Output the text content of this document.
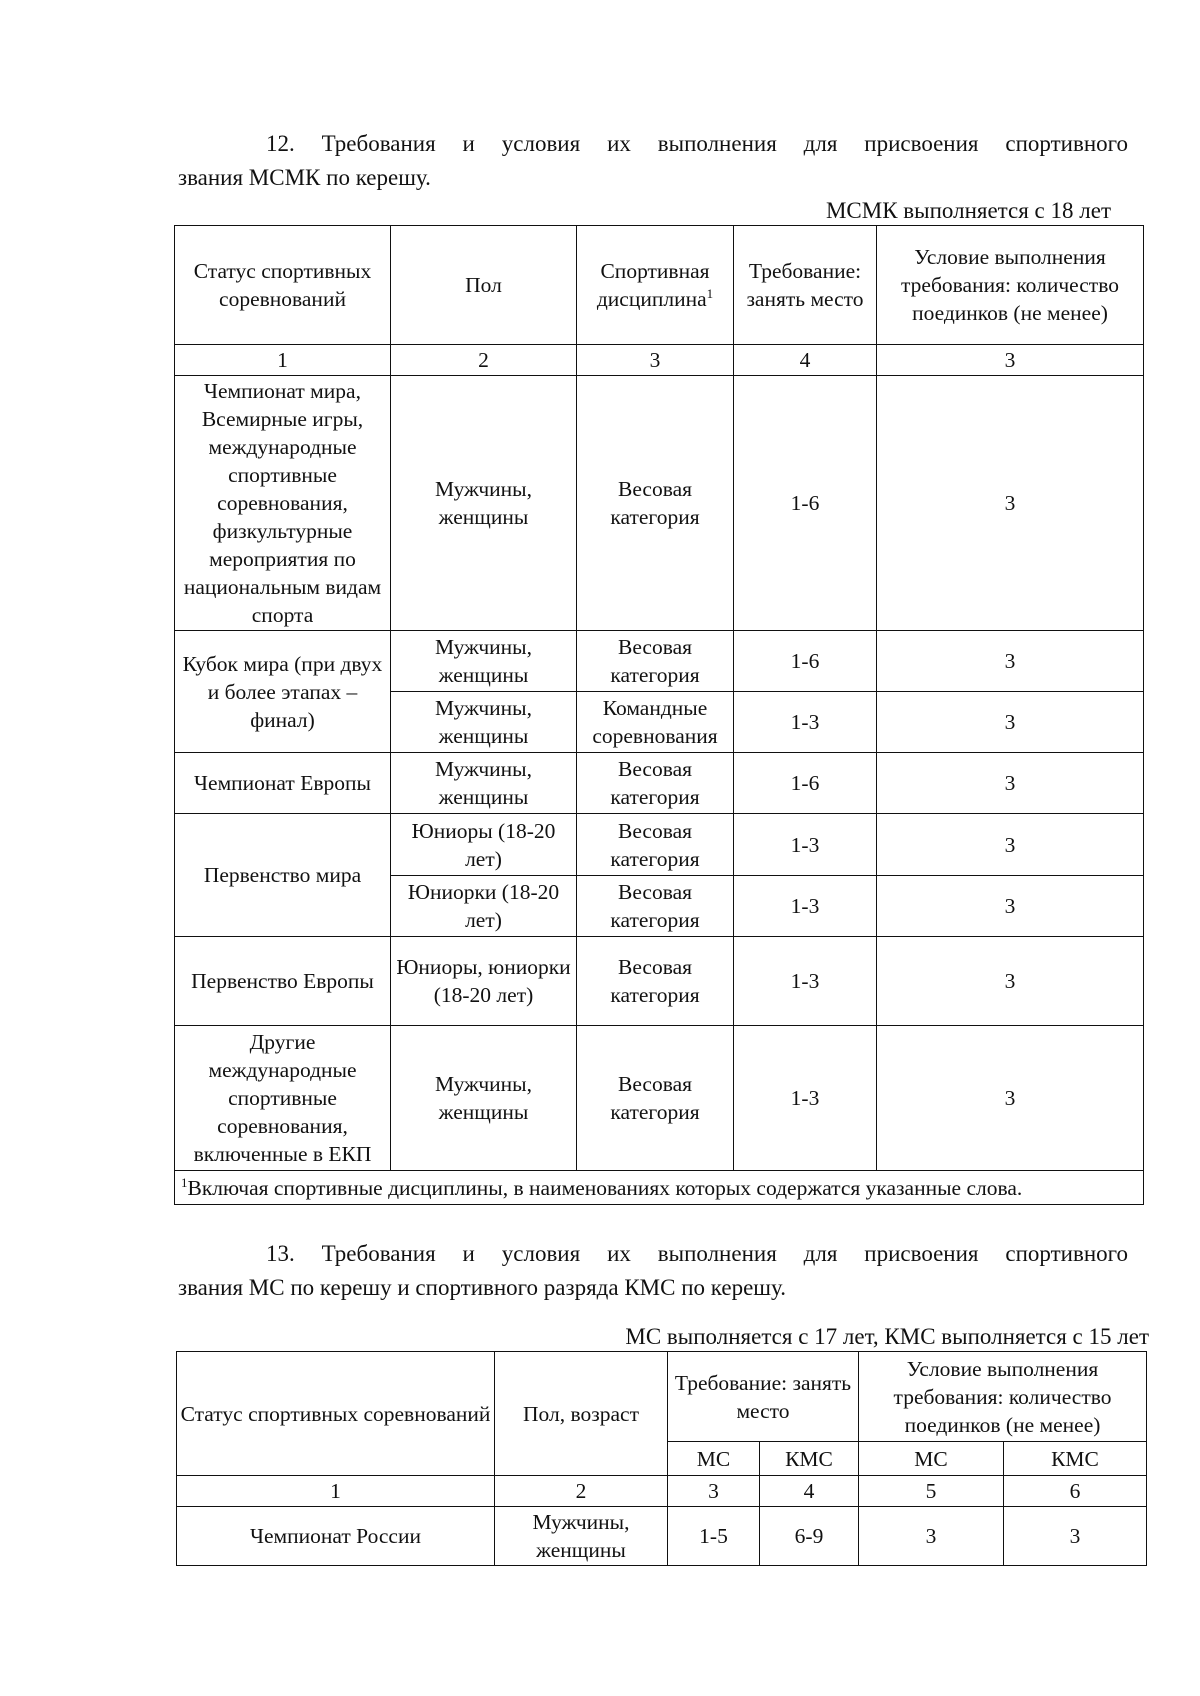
12. Требования и условия их выполнения для присвоения спортивного
звания МСМК по керешу.

МСМК выполняется с 18 лет
Статус спортивных соревнований	Пол	Спортивная дисциплина$^1$	Требование: занять место	Условие выполнения требования: количество поединков (не менее)
1	2	3	4	3
Чемпионат мира, Всемирные игры, международные спортивные соревнования, физкультурные мероприятия по национальным видам спорта	Мужчины, женщины	Весовая категория	1-6	3
Кубок мира (при двух и более этапах – финал)	Мужчины, женщины	Весовая категория	1-6	3
	Мужчины, женщины	Командные соревнования	1-3	3
Чемпионат Европы	Мужчины, женщины	Весовая категория	1-6	3
Первенство мира	Юниоры (18-20 лет)	Весовая категория	1-3	3
	Юниорки (18-20 лет)	Весовая категория	1-3	3
Первенство Европы	Юниоры, юниорки (18-20 лет)	Весовая категория	1-3	3
Другие международные спортивные соревнования, включенные в ЕКП	Мужчины, женщины	Весовая категория	1-3	3
$^1$Включая спортивные дисциплины, в наименованиях которых содержатся указанные слова.				

13. Требования и условия их выполнения для присвоения спортивного
звания МС по керешу и спортивного разряда КМС по керешу.

МС выполняется с 17 лет, КМС выполняется с 15 лет
Статус спортивных соревнований	Пол, возраст	Требование: занять место		Условие выполнения требования: количество поединков (не менее)	
		МС	КМС	МС	КМС
1	2	3	4	5	6
Чемпионат России	Мужчины, женщины	1-5	6-9	3	3
